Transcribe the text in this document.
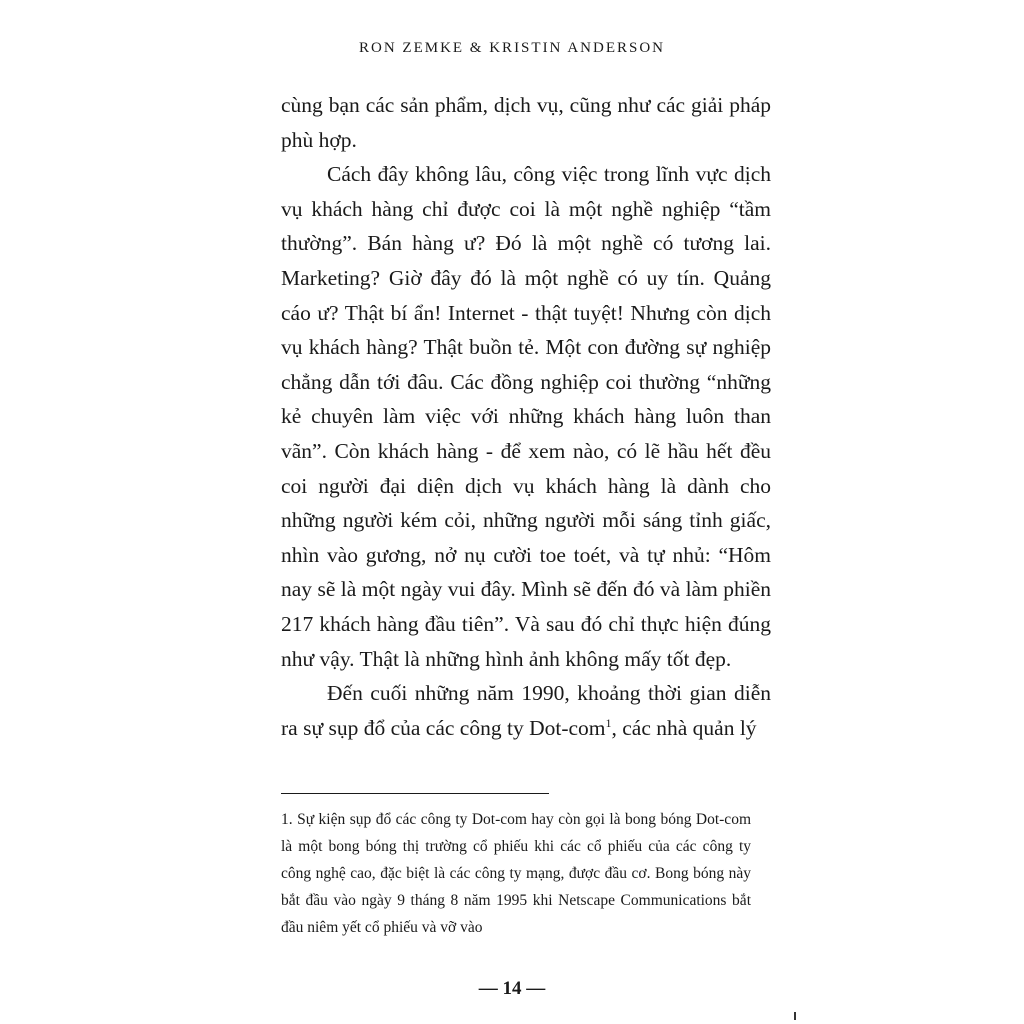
RON ZEMKE & KRISTIN ANDERSON

cùng bạn các sản phẩm, dịch vụ, cũng như các giải pháp phù hợp.

Cách đây không lâu, công việc trong lĩnh vực dịch vụ khách hàng chỉ được coi là một nghề nghiệp “tầm thường”. Bán hàng ư? Đó là một nghề có tương lai. Marketing? Giờ đây đó là một nghề có uy tín. Quảng cáo ư? Thật bí ẩn! Internet - thật tuyệt! Nhưng còn dịch vụ khách hàng? Thật buồn tẻ. Một con đường sự nghiệp chẳng dẫn tới đâu. Các đồng nghiệp coi thường “những kẻ chuyên làm việc với những khách hàng luôn than vãn”. Còn khách hàng - để xem nào, có lẽ hầu hết đều coi người đại diện dịch vụ khách hàng là dành cho những người kém cỏi, những người mỗi sáng tỉnh giấc, nhìn vào gương, nở nụ cười toe toét, và tự nhủ: “Hôm nay sẽ là một ngày vui đây. Mình sẽ đến đó và làm phiền 217 khách hàng đầu tiên”. Và sau đó chỉ thực hiện đúng như vậy. Thật là những hình ảnh không mấy tốt đẹp.

Đến cuối những năm 1990, khoảng thời gian diễn ra sự sụp đổ của các công ty Dot-com$^1$, các nhà quản lý

1. Sự kiện sụp đổ các công ty Dot-com hay còn gọi là bong bóng Dot-com là một bong bóng thị trường cổ phiếu khi các cổ phiếu của các công ty công nghệ cao, đặc biệt là các công ty mạng, được đầu cơ. Bong bóng này bắt đầu vào ngày 9 tháng 8 năm 1995 khi Netscape Communications bắt đầu niêm yết cổ phiếu và vỡ vào
— 14 —
